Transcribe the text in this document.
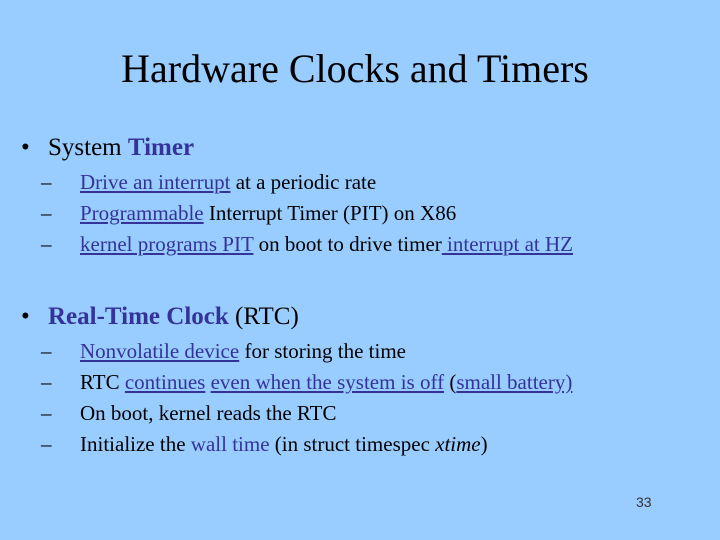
Hardware Clocks and Timers
• System Timer
– Drive an interrupt at a periodic rate
– Programmable Interrupt Timer (PIT) on X86
– kernel programs PIT on boot to drive timer interrupt at HZ
• Real-Time Clock (RTC)
– Nonvolatile device for storing the time
– RTC continues even when the system is off (small battery)
– On boot, kernel reads the RTC
– Initialize the wall time (in struct timespec xtime)
33
